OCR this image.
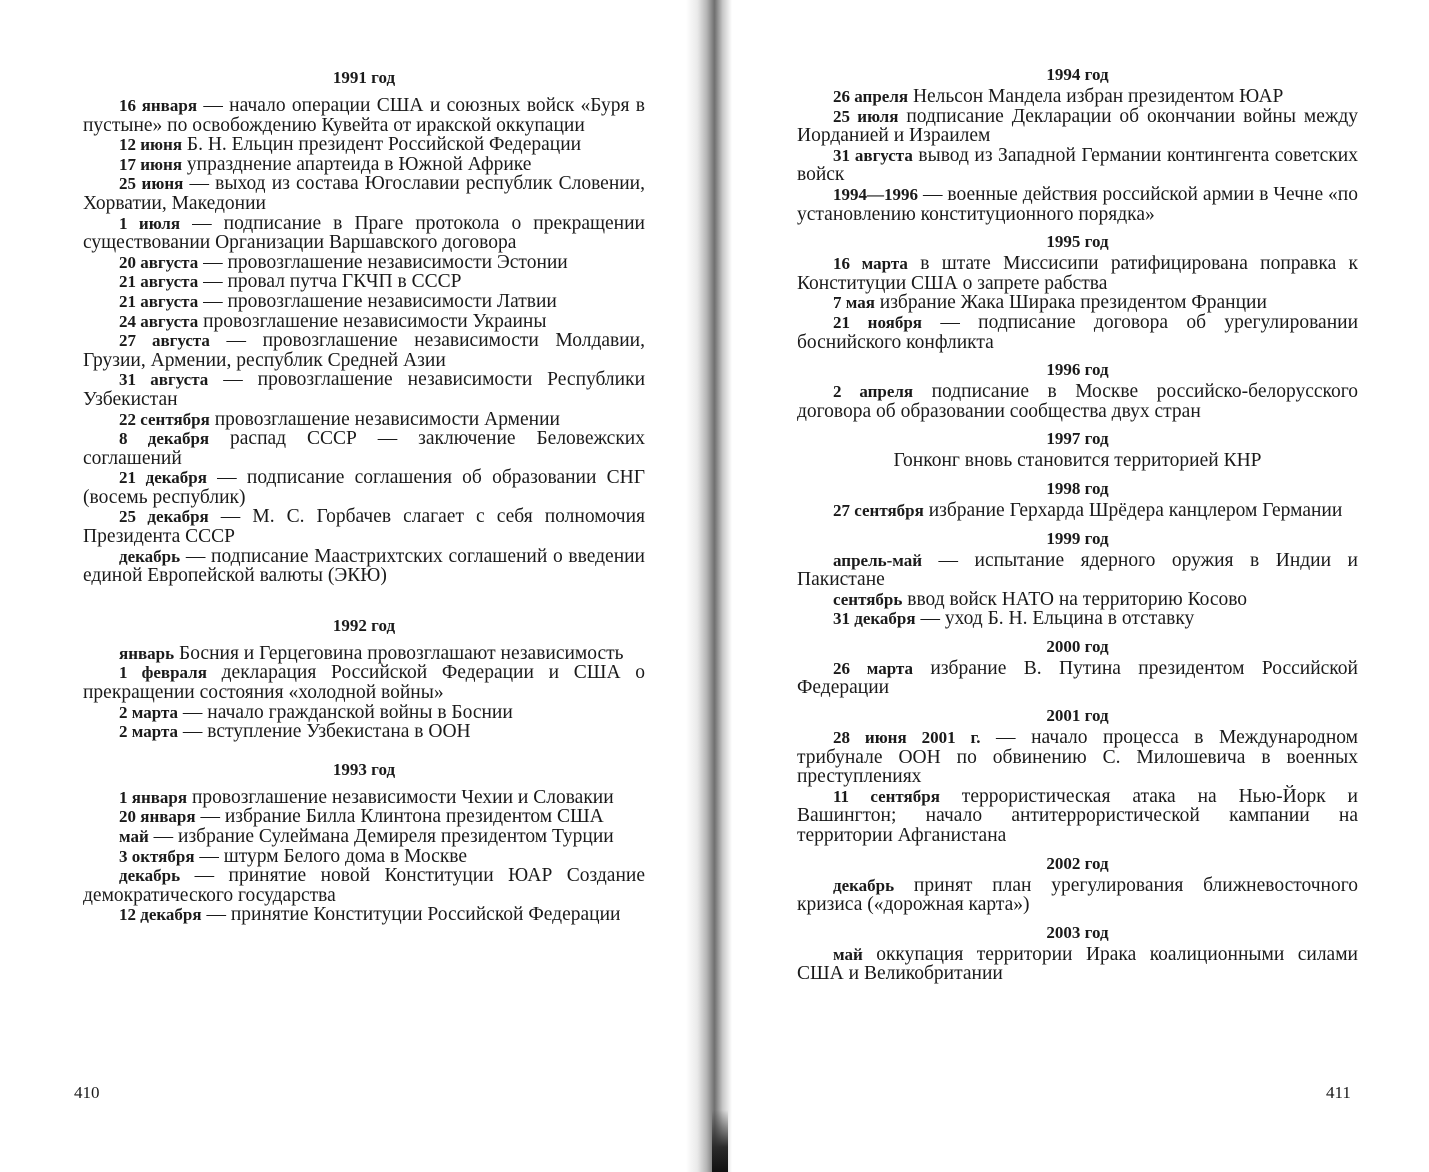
1991 год

16 января — начало операции США и союзных войск «Буря в пустыне» по освобождению Кувейта от иракской оккупации

12 июня Б. Н. Ельцин президент Российской Федерации

17 июня упразднение апартеида в Южной Африке

25 июня — выход из состава Югославии республик Словении, Хорватии, Македонии

1 июля — подписание в Праге протокола о прекращении существовании Организации Варшавского договора

20 августа — провозглашение независимости Эстонии

21 августа — провал путча ГКЧП в СССР

21 августа — провозглашение независимости Латвии

24 августа провозглашение независимости Украины

27 августа — провозглашение независимости Молдавии, Грузии, Армении, республик Средней Азии

31 августа — провозглашение независимости Республики Узбекистан

22 сентября провозглашение независимости Армении

8 декабря распад СССР — заключение Беловежских соглашений

21 декабря — подписание соглашения об образовании СНГ (восемь республик)

25 декабря — М. С. Горбачев слагает с себя полномочия Президента СССР

декабрь — подписание Маастрихтских соглашений о введении единой Европейской валюты (ЭКЮ)

1992 год

январь Босния и Герцеговина провозглашают независимость

1 февраля декларация Российской Федерации и США о прекращении состояния «холодной войны»

2 марта — начало гражданской войны в Боснии

2 марта — вступление Узбекистана в ООН

1993 год

1 января провозглашение независимости Чехии и Словакии

20 января — избрание Билла Клинтона президентом США

май — избрание Сулеймана Демиреля президентом Турции

3 октября — штурм Белого дома в Москве

декабрь — принятие новой Конституции ЮАР Создание демократического государства

12 декабря — принятие Конституции Российской Федерации

410

1994 год

26 апреля Нельсон Мандела избран президентом ЮАР

25 июля подписание Декларации об окончании войны между Иорданией и Израилем

31 августа вывод из Западной Германии контингента советских войск

1994—1996 — военные действия российской армии в Чечне «по установлению конституционного порядка»

1995 год

16 марта в штате Миссисипи ратифицирована поправка к Конституции США о запрете рабства

7 мая избрание Жака Ширака президентом Франции

21 ноября — подписание договора об урегулировании боснийского конфликта

1996 год

2 апреля подписание в Москве российско-белорусского договора об образовании сообщества двух стран

1997 год

Гонконг вновь становится территорией КНР

1998 год

27 сентября избрание Герхарда Шрёдера канцлером Германии

1999 год

апрель-май — испытание ядерного оружия в Индии и Пакистане

сентябрь ввод войск НАТО на территорию Косово

31 декабря — уход Б. Н. Ельцина в отставку

2000 год

26 марта избрание В. Путина президентом Российской Федерации

2001 год

28 июня 2001 г. — начало процесса в Международном трибунале ООН по обвинению С. Милошевича в военных преступлениях

11 сентября террористическая атака на Нью-Йорк и Вашингтон; начало антитеррористической кампании на территории Афганистана

2002 год

декабрь принят план урегулирования ближневосточного кризиса («дорожная карта»)

2003 год

май оккупация территории Ирака коалиционными силами США и Великобритании

411
